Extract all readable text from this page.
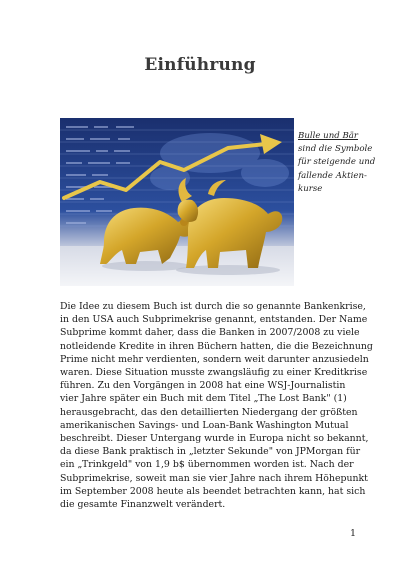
Einführung
Bulle und Bär
sind die Symbole
für steigende und
fallende Aktien-
kurse
Die Idee zu diesem Buch ist durch die so genannte Bankenkrise,
in den USA auch Subprimekrise genannt, entstanden. Der Name
Subprime kommt daher, dass die Banken in 2007/2008 zu viele
notleidende Kredite in ihren Büchern hatten, die die Bezeichnung
Prime nicht mehr verdienten, sondern weit darunter anzusiedeln
waren. Diese Situation musste zwangsläufig zu einer Kreditkrise
führen. Zu den Vorgängen in 2008 hat eine WSJ-Journalistin
vier Jahre später ein Buch mit dem Titel „The Lost Bank" (1)
herausgebracht, das den detaillierten Niedergang der größten
amerikanischen Savings- und Loan-Bank Washington Mutual
beschreibt. Dieser Untergang wurde in Europa nicht so bekannt,
da diese Bank praktisch in „letzter Sekunde" von JPMorgan für
ein „Trinkgeld" von 1,9 b$ übernommen worden ist. Nach der
Subprimekrise, soweit man sie vier Jahre nach ihrem Höhepunkt
im September 2008 heute als beendet betrachten kann, hat sich
die gesamte Finanzwelt verändert.
1
